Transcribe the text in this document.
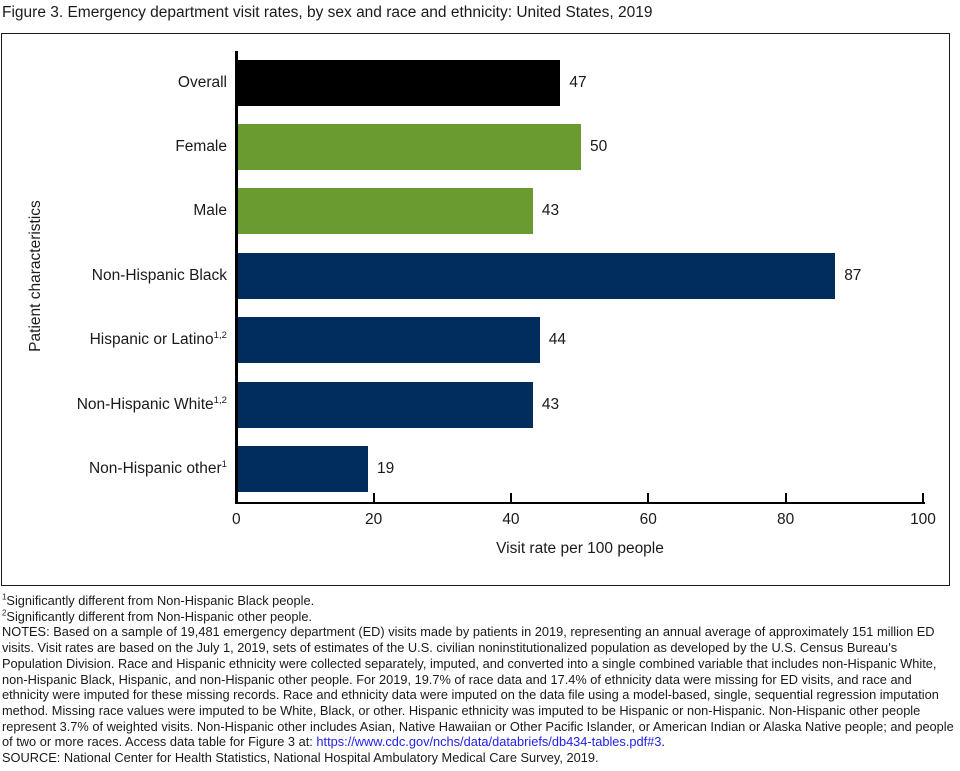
Figure 3. Emergency department visit rates, by sex and race and ethnicity: United States, 2019
Patient characteristics
Overall	47
Female	50
Male	43
Non-Hispanic Black	87
Hispanic or Latino$^{1,2}$	44
Non-Hispanic White$^{1,2}$	43
Non-Hispanic other$^1$	19
0	20	40	60	80	100
Visit rate per 100 people
$^1$Significantly different from Non-Hispanic Black people.
$^2$Significantly different from Non-Hispanic other people.

NOTES: Based on a sample of 19,481 emergency department (ED) visits made by patients in 2019, representing an annual average of approximately 151 million ED visits. Visit rates are based on the July 1, 2019, sets of estimates of the U.S. civilian noninstitutionalized population as developed by the U.S. Census Bureau’s Population Division. Race and Hispanic ethnicity were collected separately, imputed, and converted into a single combined variable that includes non-Hispanic White, non-Hispanic Black, Hispanic, and non-Hispanic other people. For 2019, 19.7% of race data and 17.4% of ethnicity data were missing for ED visits, and race and ethnicity were imputed for these missing records. Race and ethnicity data were imputed on the data file using a model-based, single, sequential regression imputation method. Missing race values were imputed to be White, Black, or other. Hispanic ethnicity was imputed to be Hispanic or non-Hispanic. Non-Hispanic other people represent 3.7% of weighted visits. Non-Hispanic other includes Asian, Native Hawaiian or Other Pacific Islander, or American Indian or Alaska Native people; and people of two or more races. Access data table for Figure 3 at: https://www.cdc.gov/nchs/data/databriefs/db434-tables.pdf#3.

SOURCE: National Center for Health Statistics, National Hospital Ambulatory Medical Care Survey, 2019.
